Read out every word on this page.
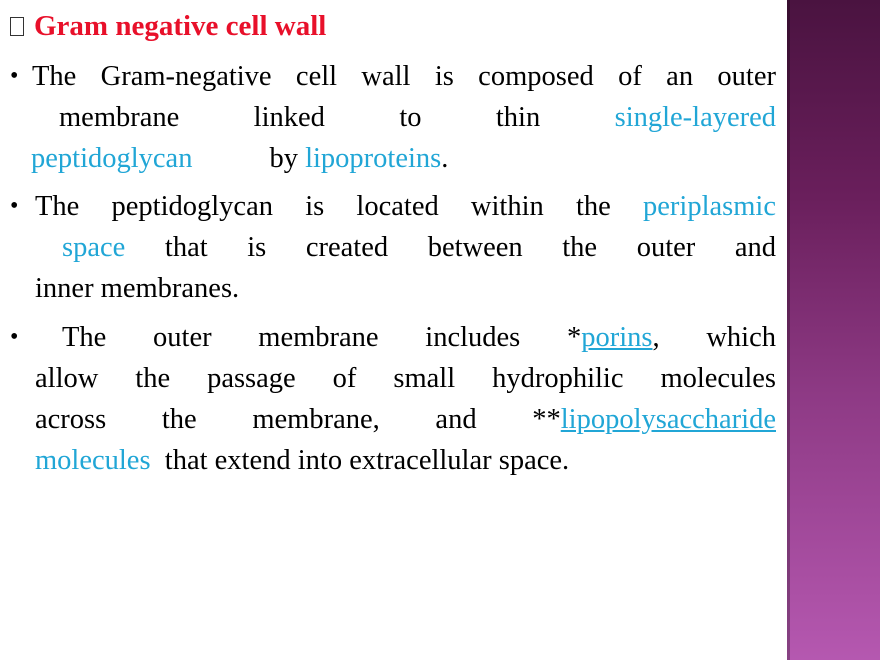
Gram negative cell wall
• The Gram-negative cell wall is composed of an outer
membrane	linked	to	thin	single-layered
peptidoglycan	by lipoproteins.
• The peptidoglycan is located within the periplasmic
space that is created between the outer and
inner membranes.
•	The outer membrane includes *porins, which
allow the passage of small hydrophilic molecules
across the membrane, and **lipopolysaccharide
molecules that extend into extracellular space.
